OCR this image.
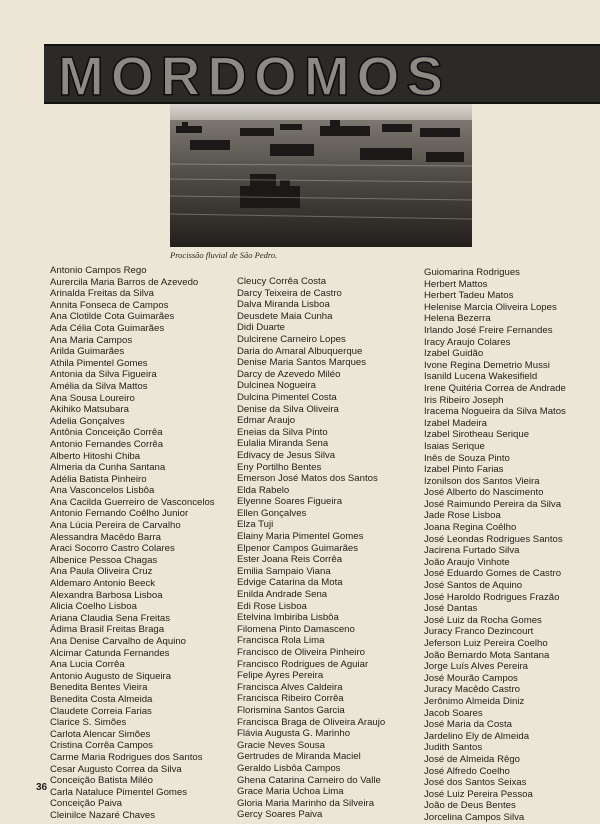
MORDOMOS
Procissão fluvial de São Pedro.
Antonio Campos Rego
Aurercila Maria Barros de Azevedo
Arinalda Freitas da Silva
Annita Fonseca de Campos
Ana Clotilde Cota Guimarães
Ada Célia Cota Guimarães
Ana Maria Campos
Arilda Guimarães
Athila Pimentel Gomes
Antonia da Silva Figueira
Amélia da Silva Mattos
Ana Sousa Loureiro
Akihiko Matsubara
Adelia Gonçalves
Antônia Conceição Corrêa
Antonio Fernandes Corrêa
Alberto Hitoshi Chiba
Almeria da Cunha Santana
Adélia Batista Pinheiro
Ana Vasconcelos Lisbôa
Ana Cacilda Guerreiro de Vasconcelos
Antonio Fernando Coêlho Junior
Ana Lúcia Pereira de Carvalho
Alessandra Macêdo Barra
Araci Socorro Castro Colares
Albenice Pessoa Chagas
Ana Paula Oliveira Cruz
Aldemaro Antonio Beeck
Alexandra Barbosa Lisboa
Alicia Coelho Lisboa
Ariana Claudia Sena Freitas
Ádima Brasil Freitas Braga
Ana Denise Carvalho de Aquino
Alcimar Catunda Fernandes
Ana Lucia Corrêa
Antonio Augusto de Siqueira
Benedita Bentes Vieira
Benedita Costa Almeida
Claudete Correia Farias
Clarice S. Simões
Carlota Alencar Simões
Cristina Corrêa Campos
Carme Maria Rodrigues dos Santos
Cesar Augusto Correa da Silva
Conceição Batista Miléo
Carla Nataluce Pimentel Gomes
Conceição Paiva
Cleinilce Nazaré Chaves
Cleucy Corrêa Costa
Darcy Teixeira de Castro
Dalva Miranda Lisboa
Deusdete Maia Cunha
Didi Duarte
Dulcirene Carneiro Lopes
Daria do Amaral Albuquerque
Denise Maria Santos Marques
Darcy de Azevedo Miléo
Dulcinea Nogueira
Dulcina Pimentel Costa
Denise da Silva Oliveira
Edmar Araujo
Eneias da Silva Pinto
Eulalia Miranda Sena
Edivacy de Jesus Silva
Eny Portilho Bentes
Emerson José Matos dos Santos
Elda Rabelo
Elyenne Soares Figueira
Ellen Gonçalves
Elza Tuji
Elainy Maria Pimentel Gomes
Elpenor Campos Guimarães
Ester Joana Reis Corrêa
Emilia Sampaio Viana
Edvige Catarina da Mota
Enilda Andrade Sena
Edi Rose Lisboa
Etelvina Imbiriba Lisbôa
Filomena Pinto Damasceno
Francisca Rola Lima
Francisco de Oliveira Pinheiro
Francisco Rodrigues de Aguiar
Felipe Ayres Pereira
Francisca Alves Caldeira
Francisca Ribeiro Corrêa
Florismina Santos Garcia
Francisca Braga de Oliveira Araujo
Flávia Augusta G. Marinho
Gracie Neves Sousa
Gertrudes de Miranda Maciel
Geraldo Lisbôa Campos
Ghena Catarina Carneiro do Valle
Grace Maria Uchoa Lima
Gloria Maria Marinho da Silveira
Gercy Soares Paiva
Guiomarina Rodrigues
Herbert Mattos
Herbert Tadeu Matos
Helenise Marcia Oliveira Lopes
Helena Bezerra
Irlando José Freire Fernandes
Iracy Araujo Colares
Izabel Guidão
Ivone Regina Demetrio Mussi
Isanild Lucena Wakesifield
Irene Quitéria Correa de Andrade
Iris Ribeiro Joseph
Iracema Nogueira da Silva Matos
Izabel Madeira
Izabel Sirotheau Serique
Isaias Serique
Inês de Souza Pinto
Izabel Pinto Farias
Izonilson dos Santos Vieira
José Alberto do Nascimento
José Raimundo Pereira da Silva
Jade Rose Lisboa
Joana Regina Coêlho
José Leondas Rodrigues Santos
Jacirena Furtado Silva
João Araujo Vinhote
José Eduardo Gomes de Castro
José Santos de Aquino
José Haroldo Rodrigues Frazão
José Dantas
José Luiz da Rocha Gomes
Juracy Franco Dezincourt
Jeferson Luiz Pereira Coelho
João Bernardo Mota Santana
Jorge Luís Alves Pereira
José Mourão Campos
Juracy Macêdo Castro
Jerônimo Almeida Diniz
Jacob Soares
José Maria da Costa
Jardelino Ely de Almeida
Judith Santos
José de Almeida Rêgo
José Alfredo Coelho
José dos Santos Seixas
José Luiz Pereira Pessoa
João de Deus Bentes
Jorcelina Campos Silva
36
